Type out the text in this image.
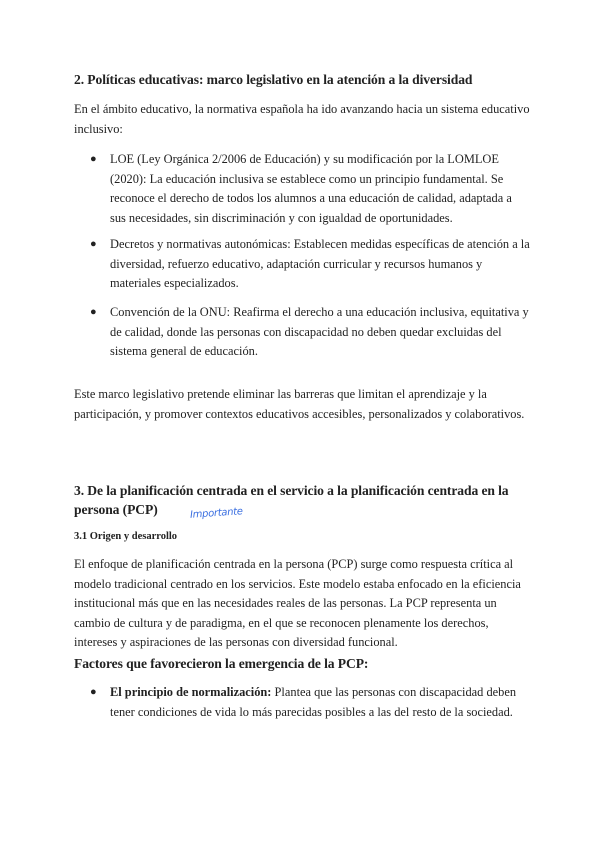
2. Políticas educativas: marco legislativo en la atención a la diversidad
En el ámbito educativo, la normativa española ha ido avanzando hacia un sistema educativo inclusivo:
● LOE (Ley Orgánica 2/2006 de Educación) y su modificación por la LOMLOE (2020): La educación inclusiva se establece como un principio fundamental. Se reconoce el derecho de todos los alumnos a una educación de calidad, adaptada a sus necesidades, sin discriminación y con igualdad de oportunidades.
● Decretos y normativas autonómicas: Establecen medidas específicas de atención a la diversidad, refuerzo educativo, adaptación curricular y recursos humanos y materiales especializados.
● Convención de la ONU: Reafirma el derecho a una educación inclusiva, equitativa y de calidad, donde las personas con discapacidad no deben quedar excluidas del sistema general de educación.
Este marco legislativo pretende eliminar las barreras que limitan el aprendizaje y la participación, y promover contextos educativos accesibles, personalizados y colaborativos.
3. De la planificación centrada en el servicio a la planificación centrada en la persona (PCP)	Importante
3.1 Origen y desarrollo
El enfoque de planificación centrada en la persona (PCP) surge como respuesta crítica al modelo tradicional centrado en los servicios. Este modelo estaba enfocado en la eficiencia institucional más que en las necesidades reales de las personas. La PCP representa un cambio de cultura y de paradigma, en el que se reconocen plenamente los derechos, intereses y aspiraciones de las personas con diversidad funcional.
Factores que favorecieron la emergencia de la PCP:
● El principio de normalización: Plantea que las personas con discapacidad deben tener condiciones de vida lo más parecidas posibles a las del resto de la sociedad.
